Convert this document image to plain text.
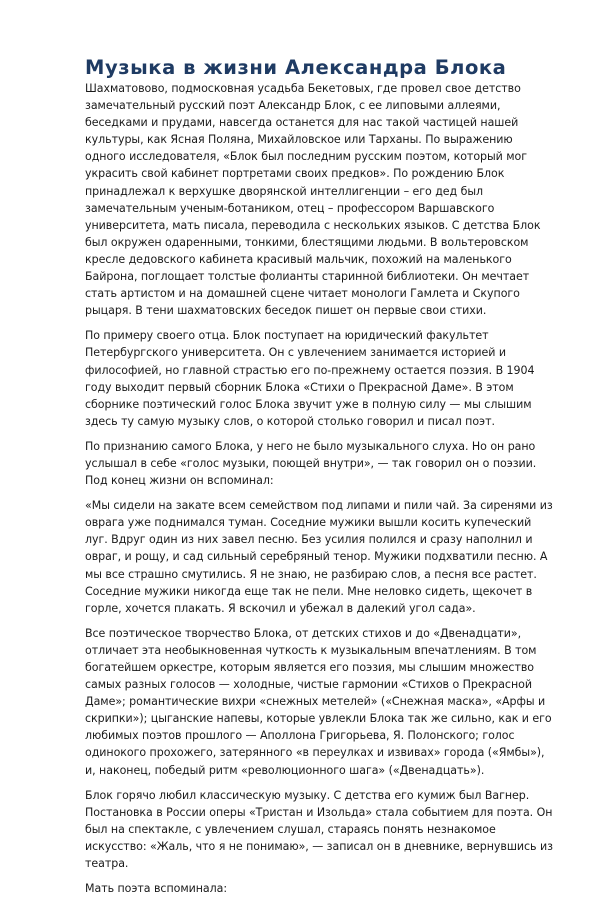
Музыка в жизни Александра Блока

Шахматовово, подмосковная усадьба Бекетовых, где провел свое детство замечательный русский поэт Александр Блок, с ее липовыми аллеями, беседками и прудами, навсегда останется для нас такой частицей нашей культуры, как Ясная Поляна, Михайловское или Тарханы. По выражению одного исследователя, «Блок был последним русским поэтом, который мог украсить свой кабинет портретами своих предков». По рождению Блок принадлежал к верхушке дворянской интеллигенции – его дед был замечательным ученым-ботаником, отец – профессором Варшавского университета, мать писала, переводила с нескольких языков. С детства Блок был окружен одаренными, тонкими, блестящими людьми. В вольтеровском кресле дедовского кабинета красивый мальчик, похожий на маленького Байрона, поглощает толстые фолианты старинной библиотеки. Он мечтает стать артистом и на домашней сцене читает монологи Гамлета и Скупого рыцаря. В тени шахматовских беседок пишет он первые свои стихи.

По примеру своего отца. Блок поступает на юридический факультет Петербургского университета. Он с увлечением занимается историей и философией, но главной страстью его по-прежнему остается поэзия. В 1904 году выходит первый сборник Блока «Стихи о Прекрасной Даме». В этом сборнике поэтический голос Блока звучит уже в полную силу — мы слышим здесь ту самую музыку слов, о которой столько говорил и писал поэт.

По признанию самого Блока, у него не было музыкального слуха. Но он рано услышал в себе «голос музыки, поющей внутри», — так говорил он о поэзии. Под конец жизни он вспоминал:

«Мы сидели на закате всем семейством под липами и пили чай. За сиренями из оврага уже поднимался туман. Соседние мужики вышли косить купеческий луг. Вдруг один из них завел песню. Без усилия полился и сразу наполнил и овраг, и рощу, и сад сильный серебряный тенор. Мужики подхватили песню. А мы все страшно смутились. Я не знаю, не разбираю слов, а песня все растет. Соседние мужики никогда еще так не пели. Мне неловко сидеть, щекочет в горле, хочется плакать. Я вскочил и убежал в далекий угол сада».

Все поэтическое творчество Блока, от детских стихов и до «Двенадцати», отличает эта необыкновенная чуткость к музыкальным впечатлениям. В том богатейшем оркестре, которым является его поэзия, мы слышим множество самых разных голосов — холодные, чистые гармонии «Стихов о Прекрасной Даме»; романтические вихри «снежных метелей» («Снежная маска», «Арфы и скрипки»); цыганские напевы, которые увлекли Блока так же сильно, как и его любимых поэтов прошлого — Аполлона Григорьева, Я. Полонского; голос одинокого прохожего, затерянного «в переулках и извивах» города («Ямбы»), и, наконец, победый ритм «революционного шага» («Двенадцать»).

Блок горячо любил классическую музыку. С детства его кумиж был Вагнер. Постановка в России оперы «Тристан и Изольда» стала событием для поэта. Он был на спектакле, с увлечением слушал, стараясь понять незнакомое искусство: «Жаль, что я не понимаю», — записал он в дневнике, вернувшись из театра.

Мать поэта вспоминала:
